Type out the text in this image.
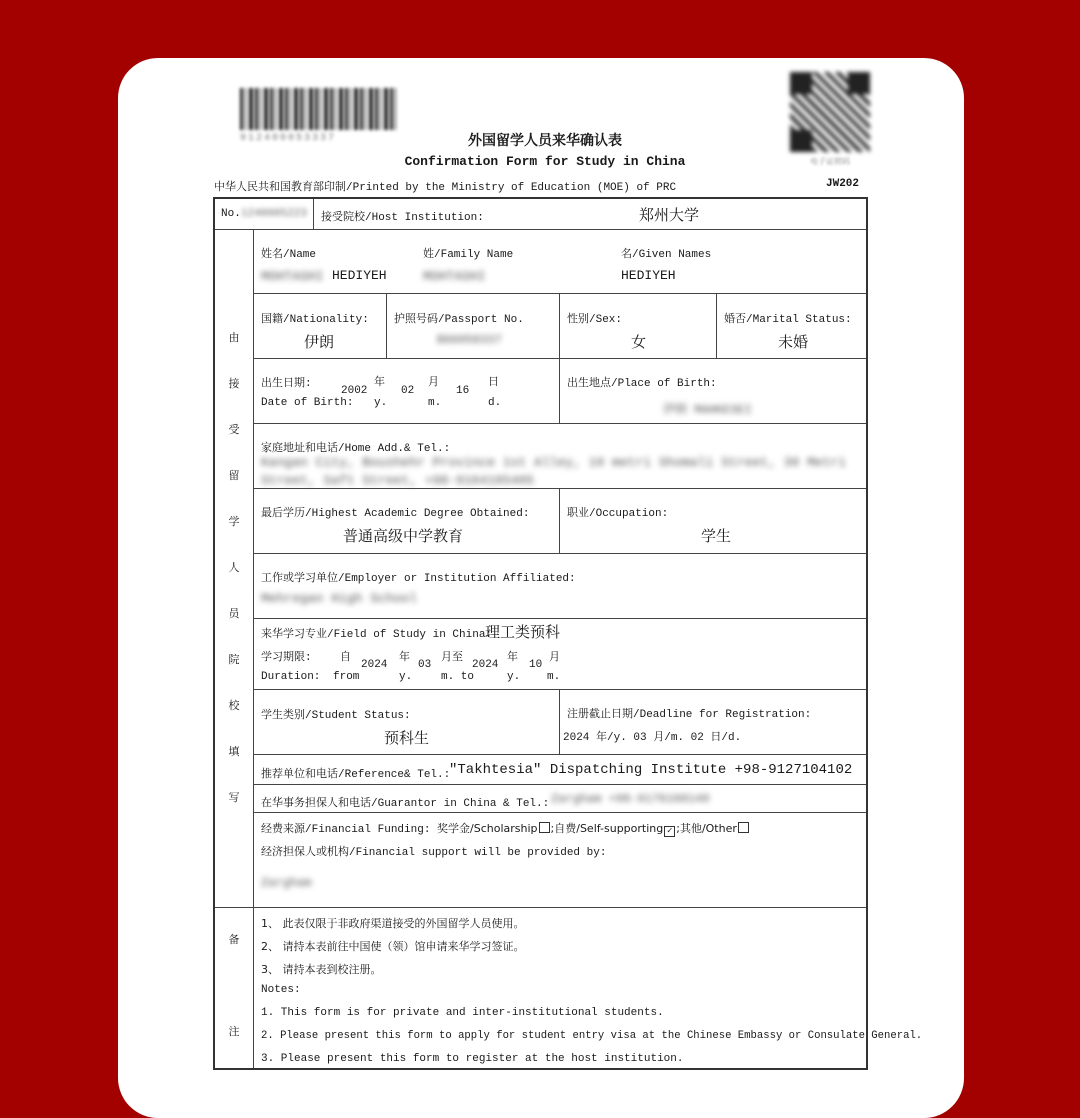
912400053337
电子证照码
外国留学人员来华确认表
Confirmation Form for Study in China
中华人民共和国教育部印制/Printed by the Ministry of Education (MOE) of PRC	JW202
No. 1240005223 接受院校/Host Institution:	郑州大学
由
接
受
留
学
人
员
院
校
填
写
姓名/Name
MOHTASHI HEDIYEH
姓/Family Name
MOHTASHI
名/Given Names
HEDIYEH
国籍/Nationality:
伊朗
护照号码/Passport No.
B66058337
性别/Sex:
女
婚否/Marital Status:
未婚
出生日期:
Date of Birth:
2002
年
y.
02
月
m.
16
日
d.
出生地点/Place of Birth:
伊朗 MAHKESEI
家庭地址和电话/Home Add.& Tel.:
Kangan City, Boushehr Province 1st Alley, 10 metri Shomali Street, 30 Metri
Street, Saft Street, +98-9164185405
最后学历/Highest Academic Degree Obtained:
普通高级中学教育
职业/Occupation:
学生
工作或学习单位/Employer or Institution Affiliated:
Mehregan High School
来华学习专业/Field of Study in China:
理工类预科
学习期限:
Duration:
自
from
2024
年
y.
03
月至
m. to
2024
年
y.
10
月
m.
学生类别/Student Status:
预科生
注册截止日期/Deadline for Registration:
2024 年/y. 03 月/m. 02 日/d.
推荐单位和电话/Reference& Tel.:
"Takhtesia" Dispatching Institute +98-9127104102
在华事务担保人和电话/Guarantor in China & Tel.: Zargham +98-9176168140
经费来源/Financial Funding: 奖学金/Scholarship ;自费/Self-supporting ✓ ;其他/Other
经济担保人或机构/Financial support will be provided by:
Zargham
备
注
1、 此表仅限于非政府渠道接受的外国留学人员使用。
2、 请持本表前往中国使（领）馆申请来华学习签证。
3、 请持本表到校注册。
Notes:
1. This form is for private and inter-institutional students.
2. Please present this form to apply for student entry visa at the Chinese Embassy or Consulate General.
3. Please present this form to register at the host institution.
